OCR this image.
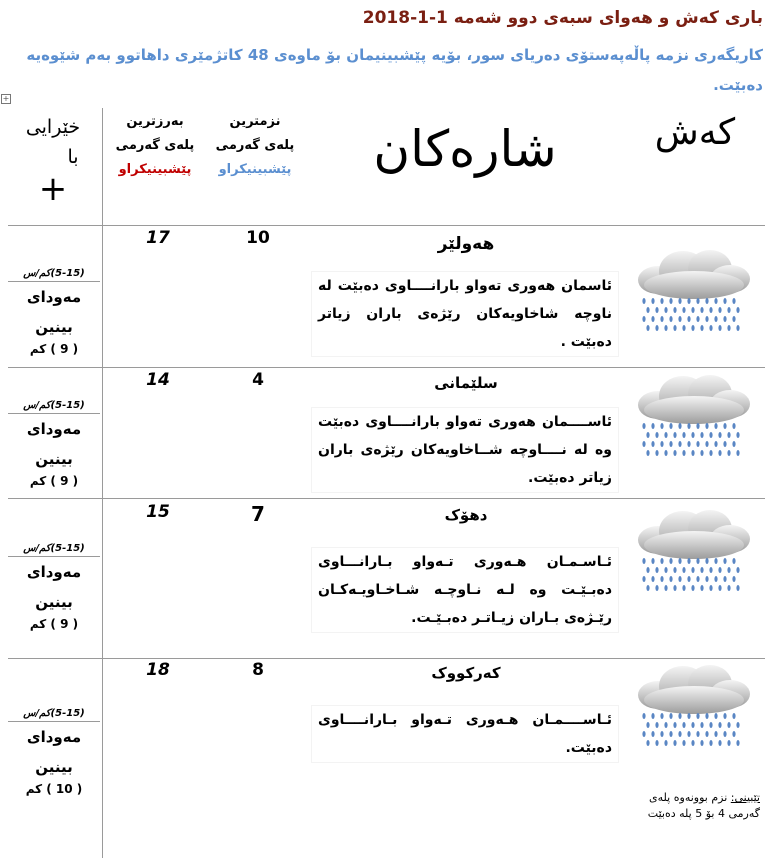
باری کەش و هەوای سبەی دوو شەمە 1-1-2018
کاریگەری نزمە پاڵەپەستۆی دەریای سور، بۆیە پێشبینیمان بۆ ماوەی 48 کاتژمێری داهاتوو بەم شێوەیە دەبێت.
+
کەش
شارەکان
نزمترین
پلەی گەرمی
پێشبینیکراو
بەرزترین
پلەی گەرمی
پێشبینیکراو
خێرایی
با
+
هەولێر
ئاسمان هەوری تەواو بارانــــاوی دەبێت لە ناوچە شاخاویەکان رێژەی باران زیاتر دەبێت .
10
17
(5-15)کم/س
مەودای
بینین
( 9 ) کم
سلێمانی
ئاســــمان هەوری تەواو بارانــــاوی دەبێت وە لە نــــاوچە شــاخاویەکان رێژەی باران زیاتر دەبێت.
4
14
(5-15)کم/س
مەودای
بینین
( 9 ) کم
دهۆک
ئـاسـمـان هـەوری تـەواو بـارانـــاوی دەبـێـت وە لـە نـاوچـە شـاخـاویـەکـان رێـژەی بـاران زیـاتـر دەبـێـت.
7
15
(5-15)کم/س
مەودای
بینین
( 9 ) کم
کەرکووک
ئـاســــمـان هـەوری تـەواو بـارانــــاوی دەبێت.
8
18
(5-15)کم/س
مەودای
بینین
( 10 ) کم
تێبینی: نزم بوونەوە پلەی گەرمی 4 بۆ 5 پلە دەبێت
